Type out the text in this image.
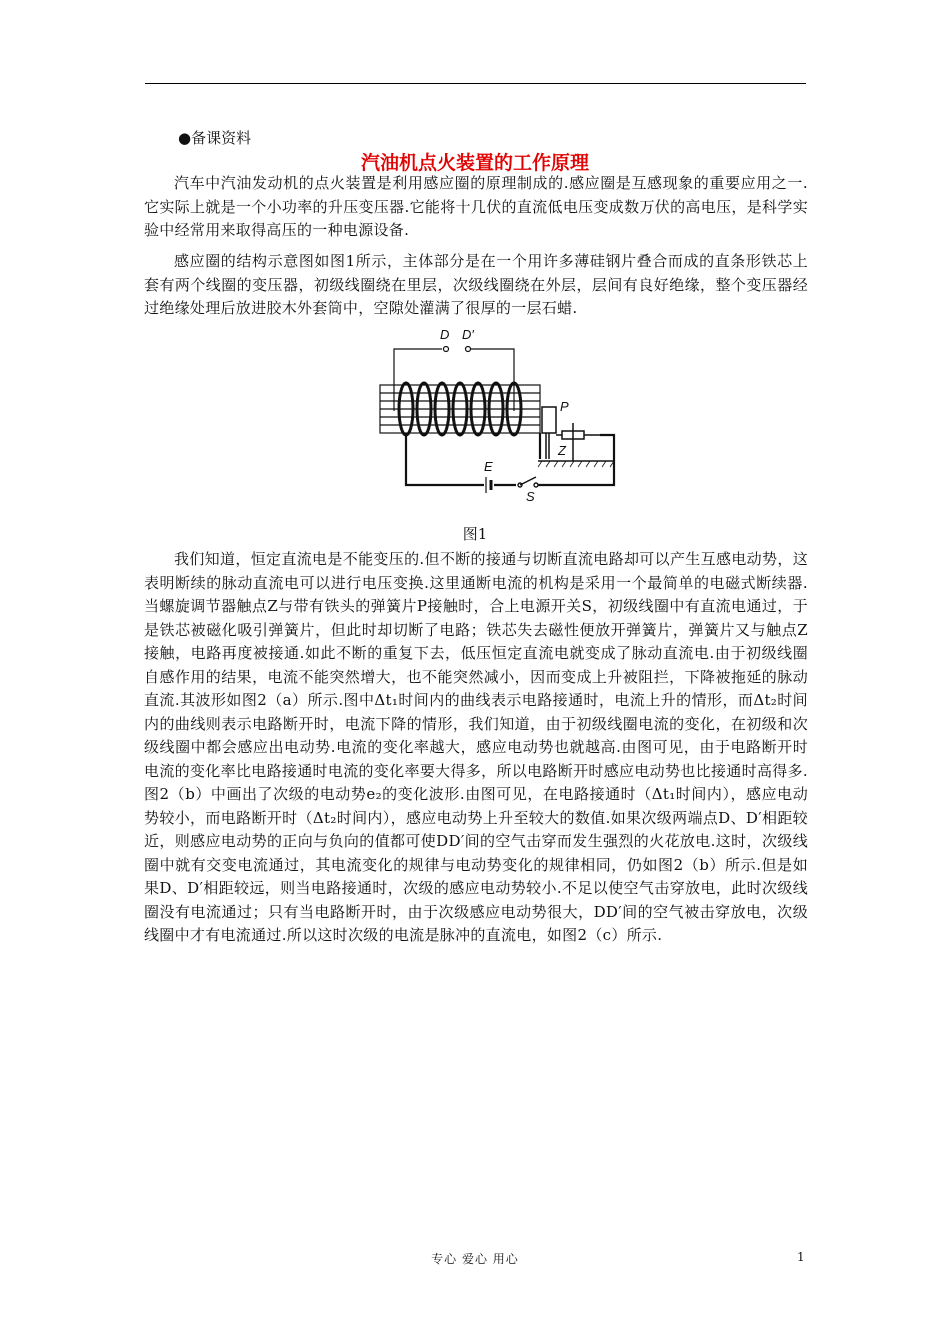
●备课资料
汽油机点火装置的工作原理
汽车中汽油发动机的点火装置是利用感应圈的原理制成的.感应圈是互感现象的重要应用之一.它实际上就是一个小功率的升压变压器.它能将十几伏的直流低电压变成数万伏的高电压，是科学实验中经常用来取得高压的一种电源设备.
感应圈的结构示意图如图1所示，主体部分是在一个用许多薄硅钢片叠合而成的直条形铁芯上套有两个线圈的变压器，初级线圈绕在里层，次级线圈绕在外层，层间有良好绝缘，整个变压器经过绝缘处理后放进胶木外套筒中，空隙处灌满了很厚的一层石蜡.
D D′
P
Z
E
S
图1
我们知道，恒定直流电是不能变压的.但不断的接通与切断直流电路却可以产生互感电动势，这表明断续的脉动直流电可以进行电压变换.这里通断电流的机构是采用一个最简单的电磁式断续器.当螺旋调节器触点Z与带有铁头的弹簧片P接触时，合上电源开关S，初级线圈中有直流电通过，于是铁芯被磁化吸引弹簧片，但此时却切断了电路；铁芯失去磁性便放开弹簧片，弹簧片又与触点Z接触，电路再度被接通.如此不断的重复下去，低压恒定直流电就变成了脉动直流电.由于初级线圈自感作用的结果，电流不能突然增大，也不能突然减小，因而变成上升被阻拦，下降被拖延的脉动直流.其波形如图2（a）所示.图中Δt₁时间内的曲线表示电路接通时，电流上升的情形，而Δt₂时间内的曲线则表示电路断开时，电流下降的情形，我们知道，由于初级线圈电流的变化，在初级和次级线圈中都会感应出电动势.电流的变化率越大，感应电动势也就越高.由图可见，由于电路断开时电流的变化率比电路接通时电流的变化率要大得多，所以电路断开时感应电动势也比接通时高得多.图2（b）中画出了次级的电动势e₂的变化波形.由图可见，在电路接通时（Δt₁时间内），感应电动势较小，而电路断开时（Δt₂时间内），感应电动势上升至较大的数值.如果次级两端点D、D′相距较近，则感应电动势的正向与负向的值都可使DD′间的空气击穿而发生强烈的火花放电.这时，次级线圈中就有交变电流通过，其电流变化的规律与电动势变化的规律相同，仍如图2（b）所示.但是如果D、D′相距较远，则当电路接通时，次级的感应电动势较小.不足以使空气击穿放电，此时次级线圈没有电流通过；只有当电路断开时，由于次级感应电动势很大，DD′间的空气被击穿放电，次级线圈中才有电流通过.所以这时次级的电流是脉冲的直流电，如图2（c）所示.
专心 爱心 用心	1
